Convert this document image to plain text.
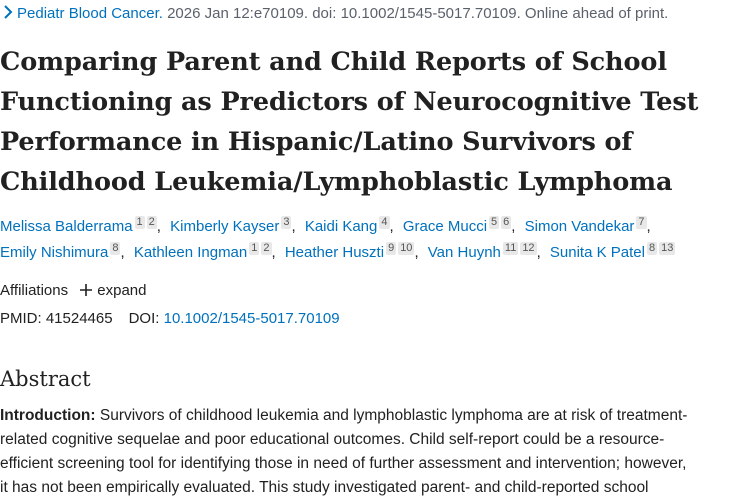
Pediatr Blood Cancer. 2026 Jan 12:e70109. doi: 10.1002/1545-5017.70109. Online ahead of print.
Comparing Parent and Child Reports of School
Functioning as Predictors of Neurocognitive Test
Performance in Hispanic/Latino Survivors of
Childhood Leukemia/Lymphoblastic Lymphoma
Melissa Balderrama 1 2 , Kimberly Kayser 3 , Kaidi Kang 4 , Grace Mucci 5 6 , Simon Vandekar 7 ,
Emily Nishimura 8 , Kathleen Ingman 1 2 , Heather Huszti 9 10 , Van Huynh 11 12 , Sunita K Patel 8 13
Affiliations expand
PMID: 41524465 DOI: 10.1002/1545-5017.70109
Abstract
Introduction: Survivors of childhood leukemia and lymphoblastic lymphoma are at risk of treatment-
related cognitive sequelae and poor educational outcomes. Child self-report could be a resource-
efficient screening tool for identifying those in need of further assessment and intervention; however,
it has not been empirically evaluated. This study investigated parent- and child-reported school
